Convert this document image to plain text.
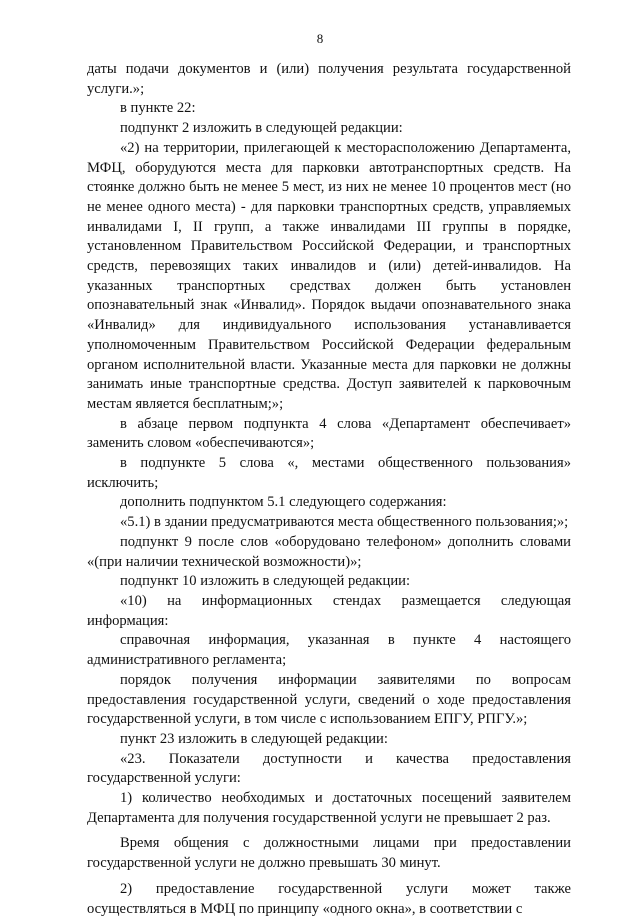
8

даты подачи документов и (или) получения результата государственной услуги.»;

в пункте 22:

подпункт 2 изложить в следующей редакции:

«2) на территории, прилегающей к месторасположению Департамента, МФЦ, оборудуются места для парковки автотранспортных средств. На стоянке должно быть не менее 5 мест, из них не менее 10 процентов мест (но не менее одного места) - для парковки транспортных средств, управляемых инвалидами I, II групп, а также инвалидами III группы в порядке, установленном Правительством Российской Федерации, и транспортных средств, перевозящих таких инвалидов и (или) детей-инвалидов. На указанных транспортных средствах должен быть установлен опознавательный знак «Инвалид». Порядок выдачи опознавательного знака «Инвалид» для индивидуального использования устанавливается уполномоченным Правительством Российской Федерации федеральным органом исполнительной власти. Указанные места для парковки не должны занимать иные транспортные средства. Доступ заявителей к парковочным местам является бесплатным;»;

в абзаце первом подпункта 4 слова «Департамент обеспечивает» заменить словом «обеспечиваются»;

в подпункте 5 слова «, местами общественного пользования» исключить;

дополнить подпунктом 5.1 следующего содержания:

«5.1) в здании предусматриваются места общественного пользования;»;

подпункт 9 после слов «оборудовано телефоном» дополнить словами «(при наличии технической возможности)»;

подпункт 10 изложить в следующей редакции:

«10) на информационных стендах размещается следующая информация:

справочная информация, указанная в пункте 4 настоящего административного регламента;

порядок получения информации заявителями по вопросам предоставления государственной услуги, сведений о ходе предоставления государственной услуги, в том числе с использованием ЕПГУ, РПГУ.»;

пункт 23 изложить в следующей редакции:

«23. Показатели доступности и качества предоставления государственной услуги:

1) количество необходимых и достаточных посещений заявителем Департамента для получения государственной услуги не превышает 2 раз.

Время общения с должностными лицами при предоставлении государственной услуги не должно превышать 30 минут.

2) предоставление государственной услуги может также осуществляться в МФЦ по принципу «одного окна», в соответствии с
